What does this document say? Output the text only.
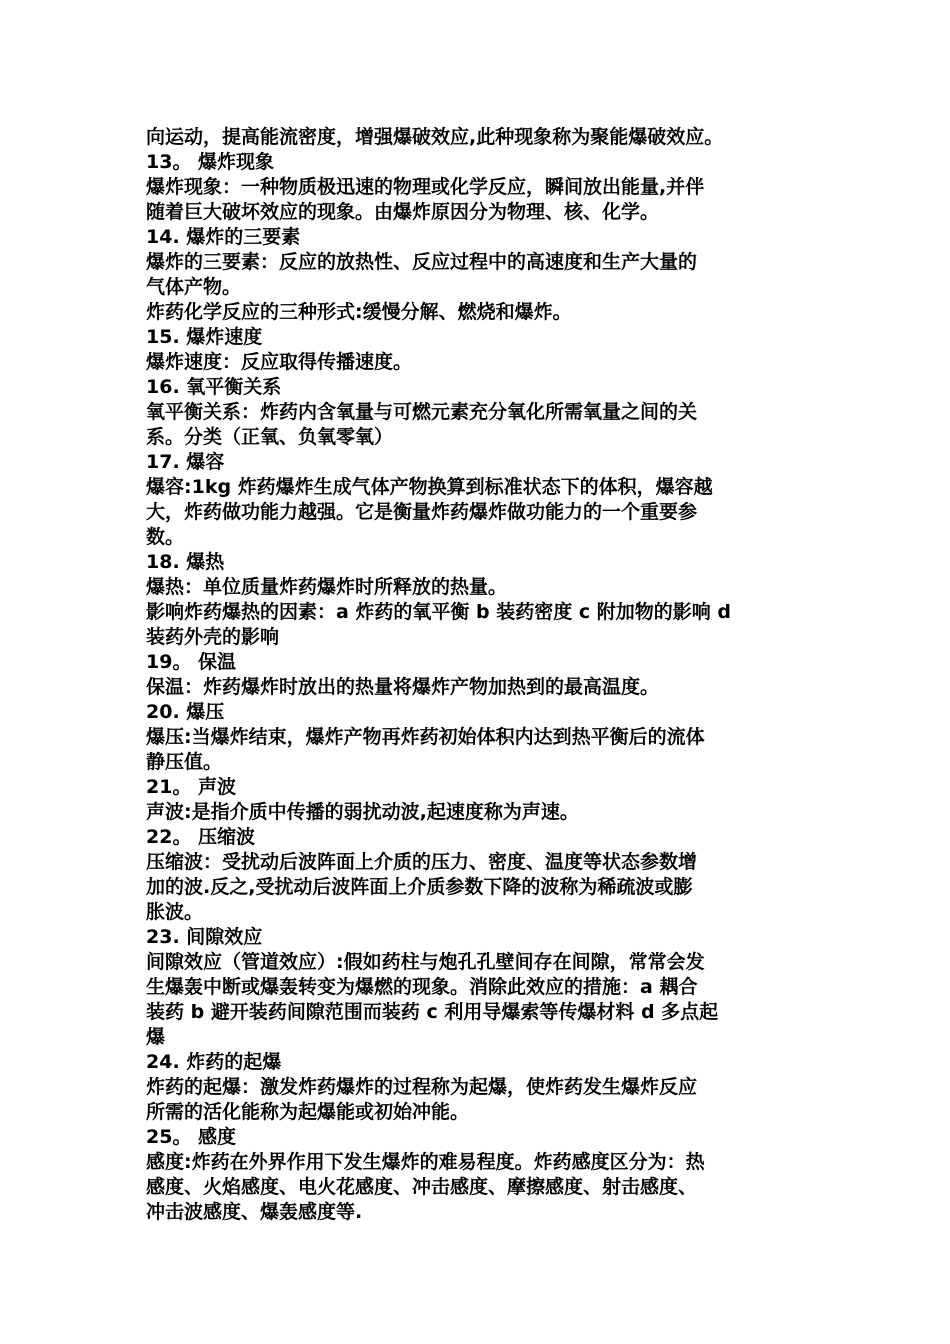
向运动，提高能流密度，增强爆破效应,此种现象称为聚能爆破效应。
13。 爆炸现象
爆炸现象：一种物质极迅速的物理或化学反应，瞬间放出能量,并伴
随着巨大破坏效应的现象。由爆炸原因分为物理、核、化学。
14. 爆炸的三要素
爆炸的三要素：反应的放热性、反应过程中的高速度和生产大量的
气体产物。
炸药化学反应的三种形式:缓慢分解、燃烧和爆炸。
15. 爆炸速度
爆炸速度：反应取得传播速度。
16. 氧平衡关系
氧平衡关系：炸药内含氧量与可燃元素充分氧化所需氧量之间的关
系。分类（正氧、负氧零氧）
17. 爆容
爆容:1kg 炸药爆炸生成气体产物换算到标准状态下的体积，爆容越
大，炸药做功能力越强。它是衡量炸药爆炸做功能力的一个重要参
数。
18. 爆热
爆热：单位质量炸药爆炸时所释放的热量。
影响炸药爆热的因素：a 炸药的氧平衡 b 装药密度 c 附加物的影响 d
装药外壳的影响
19。 保温
保温：炸药爆炸时放出的热量将爆炸产物加热到的最高温度。
20. 爆压
爆压:当爆炸结束，爆炸产物再炸药初始体积内达到热平衡后的流体
静压值。
21。 声波
声波:是指介质中传播的弱扰动波,起速度称为声速。
22。 压缩波
压缩波：受扰动后波阵面上介质的压力、密度、温度等状态参数增
加的波.反之,受扰动后波阵面上介质参数下降的波称为稀疏波或膨
胀波。
23. 间隙效应
间隙效应（管道效应）:假如药柱与炮孔孔壁间存在间隙，常常会发
生爆轰中断或爆轰转变为爆燃的现象。消除此效应的措施：a 耦合
装药 b 避开装药间隙范围而装药 c 利用导爆索等传爆材料 d 多点起
爆
24. 炸药的起爆
炸药的起爆：激发炸药爆炸的过程称为起爆，使炸药发生爆炸反应
所需的活化能称为起爆能或初始冲能。
25。 感度
感度:炸药在外界作用下发生爆炸的难易程度。炸药感度区分为：热
感度、火焰感度、电火花感度、冲击感度、摩擦感度、射击感度、
冲击波感度、爆轰感度等.
